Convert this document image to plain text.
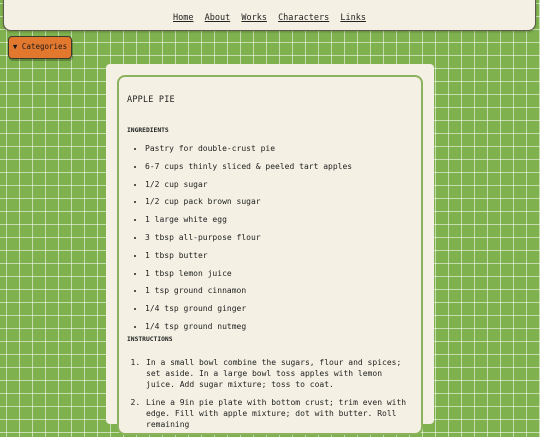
Home About Works Characters Links
▼ Categories
APPLE PIE
INGREDIENTS
• Pastry for double-crust pie
• 6-7 cups thinly sliced & peeled tart apples
• 1/2 cup sugar
• 1/2 cup pack brown sugar
• 1 large white egg
• 3 tbsp all-purpose flour
• 1 tbsp butter
• 1 tbsp lemon juice
• 1 tsp ground cinnamon
• 1/4 tsp ground ginger
• 1/4 tsp ground nutmeg
INSTRUCTIONS
1. In a small bowl combine the sugars, flour and spices; set aside. In a large bowl toss apples with lemon juice. Add sugar mixture; toss to coat.
2. Line a 9in pie plate with bottom crust; trim even with edge. Fill with apple mixture; dot with butter. Roll remaining
